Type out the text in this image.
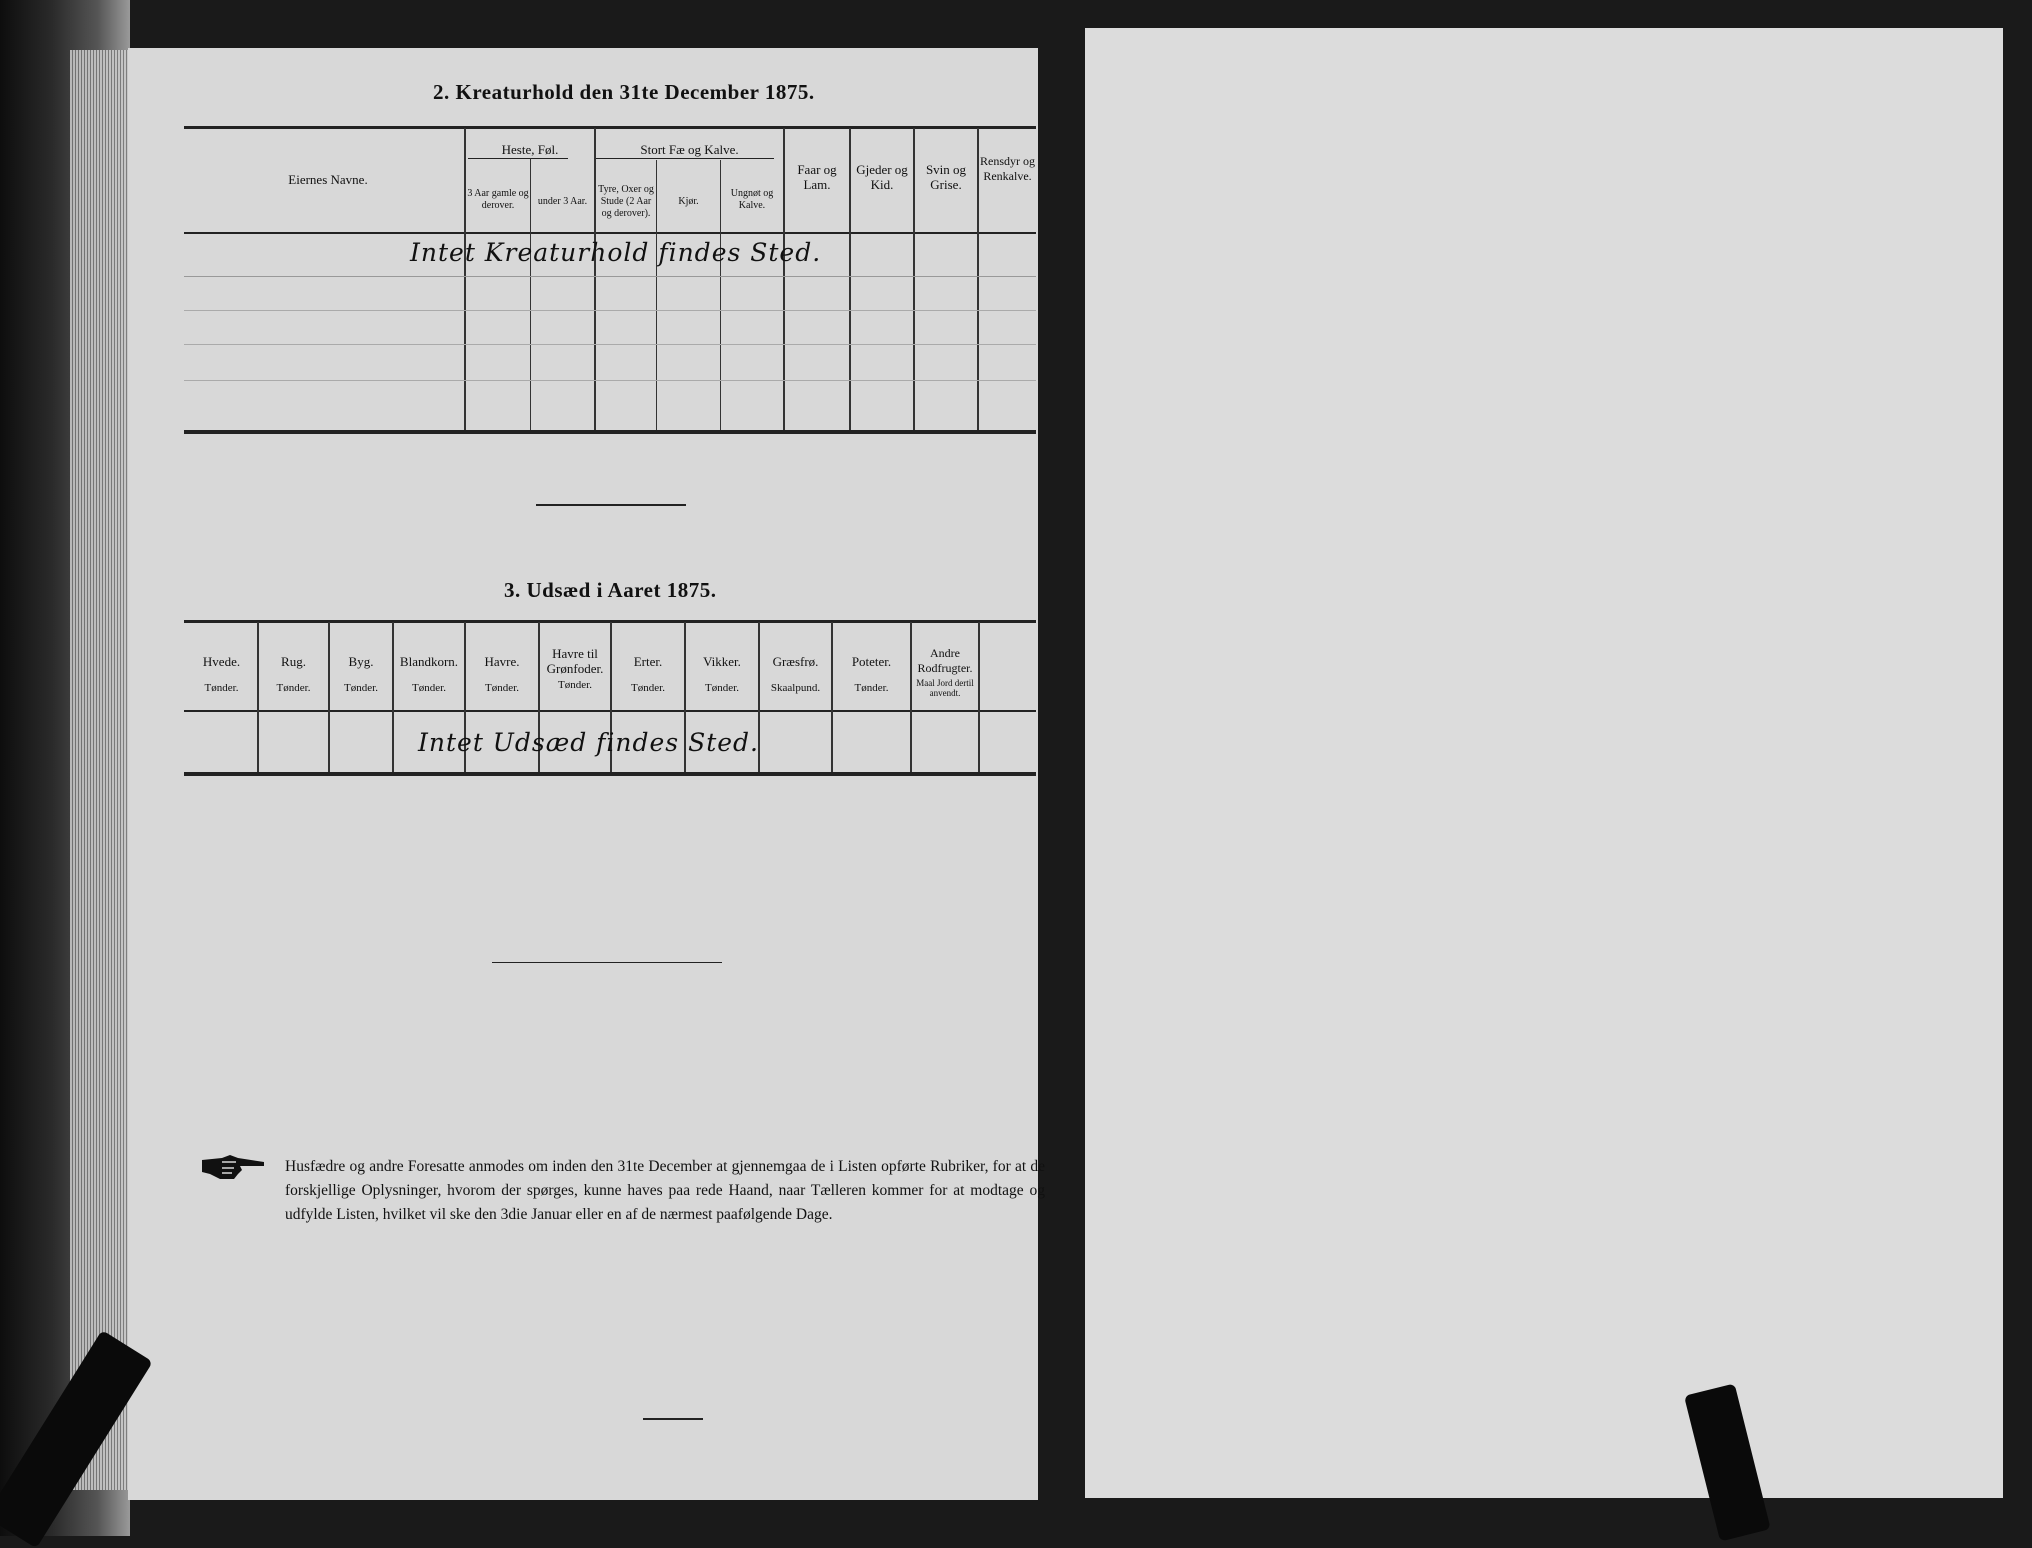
2. Kreaturhold den 31te December 1875.
Eiernes Navne.
Heste, Føl.
3 Aar gamle og derover.	under 3 Aar.
Stort Fæ og Kalve.
Tyre, Oxer og Stude (2 Aar og derover).
Kjør.
Ungnøt og Kalve.
Faar og Lam.
Gjeder og Kid.
Svin og Grise.
Rensdyr og Renkalve.
Intet Kreaturhold findes Sted.
3. Udsæd i Aaret 1875.
Hvede.
Tønder.
Rug.
Tønder.
Byg.
Tønder.
Blandkorn.
Tønder.
Havre.
Tønder.
Havre til Grønfoder.
Tønder.
Erter.
Tønder.
Vikker.
Tønder.
Græsfrø.
Skaalpund.
Poteter.
Tønder.
Andre Rodfrugter.
Maal Jord dertil anvendt.
Intet Udsæd findes Sted.
Husfædre og andre Foresatte anmodes om inden den 31te December at gjennemgaa de i Listen opførte Rubriker, for at de forskjellige Oplysninger, hvorom der spørges, kunne haves paa rede Haand, naar Tælleren kommer for at modtage og udfylde Listen, hvilket vil ske den 3die Januar eller en af de nærmest paafølgende Dage.
